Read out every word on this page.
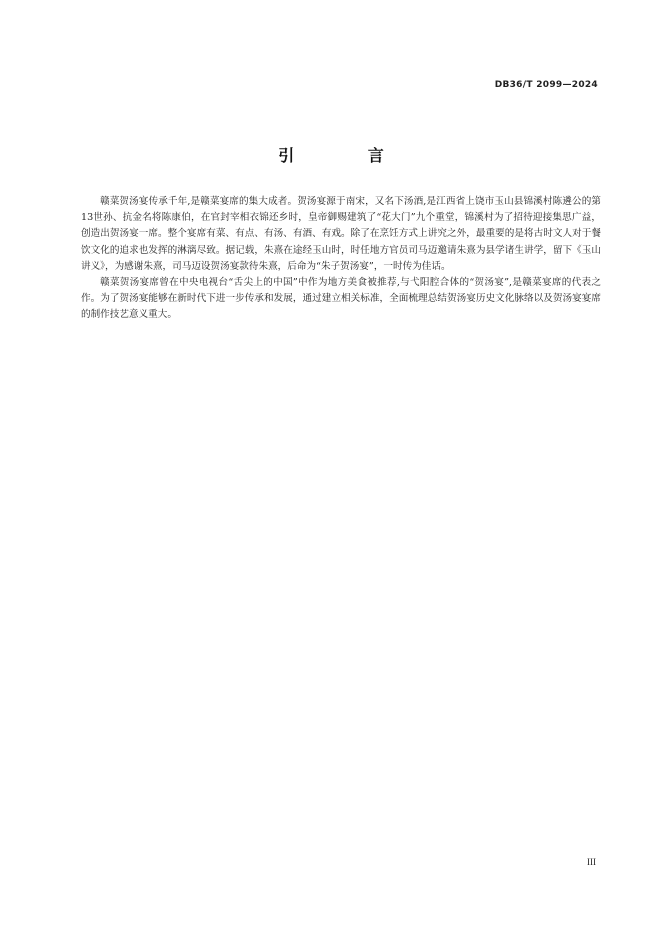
DB36/T 2099—2024
引 言

赣菜贺汤宴传承千年,是赣菜宴席的集大成者。贺汤宴源于南宋，又名下汤酒,是江西省上饶市玉山县锦溪村陈遴公的第13世孙、抗金名将陈康伯，在官封宰相衣锦还乡时，皇帝御赐建筑了“花大门”九个重堂，锦溪村为了招待迎接集思广益，创造出贺汤宴一席。整个宴席有菜、有点、有汤、有酒、有戏。除了在烹饪方式上讲究之外，最重要的是将古时文人对于餐饮文化的追求也发挥的淋漓尽致。据记载，朱熹在途经玉山时，时任地方官员司马迈邀请朱熹为县学诸生讲学，留下《玉山讲义》，为感谢朱熹，司马迈设贺汤宴款待朱熹，后命为“朱子贺汤宴”，一时传为佳话。

赣菜贺汤宴席曾在中央电视台“舌尖上的中国”中作为地方美食被推荐,与弋阳腔合体的“贺汤宴”,是赣菜宴席的代表之作。为了贺汤宴能够在新时代下进一步传承和发展，通过建立相关标准，全面梳理总结贺汤宴历史文化脉络以及贺汤宴宴席的制作技艺意义重大。

III
